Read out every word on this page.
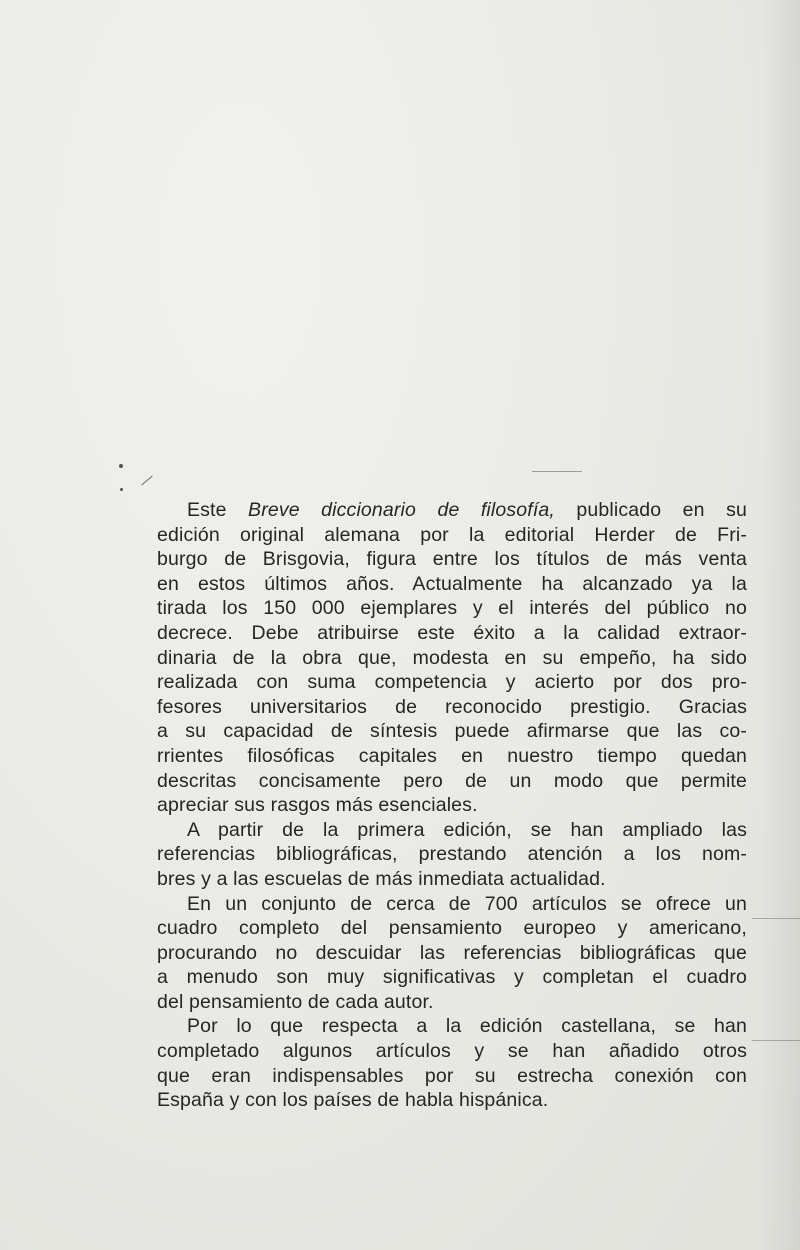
Este Breve diccionario de filosofía, publicado en su
edición original alemana por la editorial Herder de Fri-
burgo de Brisgovia, figura entre los títulos de más venta
en estos últimos años. Actualmente ha alcanzado ya la
tirada los 150 000 ejemplares y el interés del público no
decrece. Debe atribuirse este éxito a la calidad extraor-
dinaria de la obra que, modesta en su empeño, ha sido
realizada con suma competencia y acierto por dos pro-
fesores universitarios de reconocido prestigio. Gracias
a su capacidad de síntesis puede afirmarse que las co-
rrientes filosóficas capitales en nuestro tiempo quedan
descritas concisamente pero de un modo que permite
apreciar sus rasgos más esenciales.

A partir de la primera edición, se han ampliado las
referencias bibliográficas, prestando atención a los nom-
bres y a las escuelas de más inmediata actualidad.

En un conjunto de cerca de 700 artículos se ofrece un
cuadro completo del pensamiento europeo y americano,
procurando no descuidar las referencias bibliográficas que
a menudo son muy significativas y completan el cuadro
del pensamiento de cada autor.

Por lo que respecta a la edición castellana, se han
completado algunos artículos y se han añadido otros
que eran indispensables por su estrecha conexión con
España y con los países de habla hispánica.
